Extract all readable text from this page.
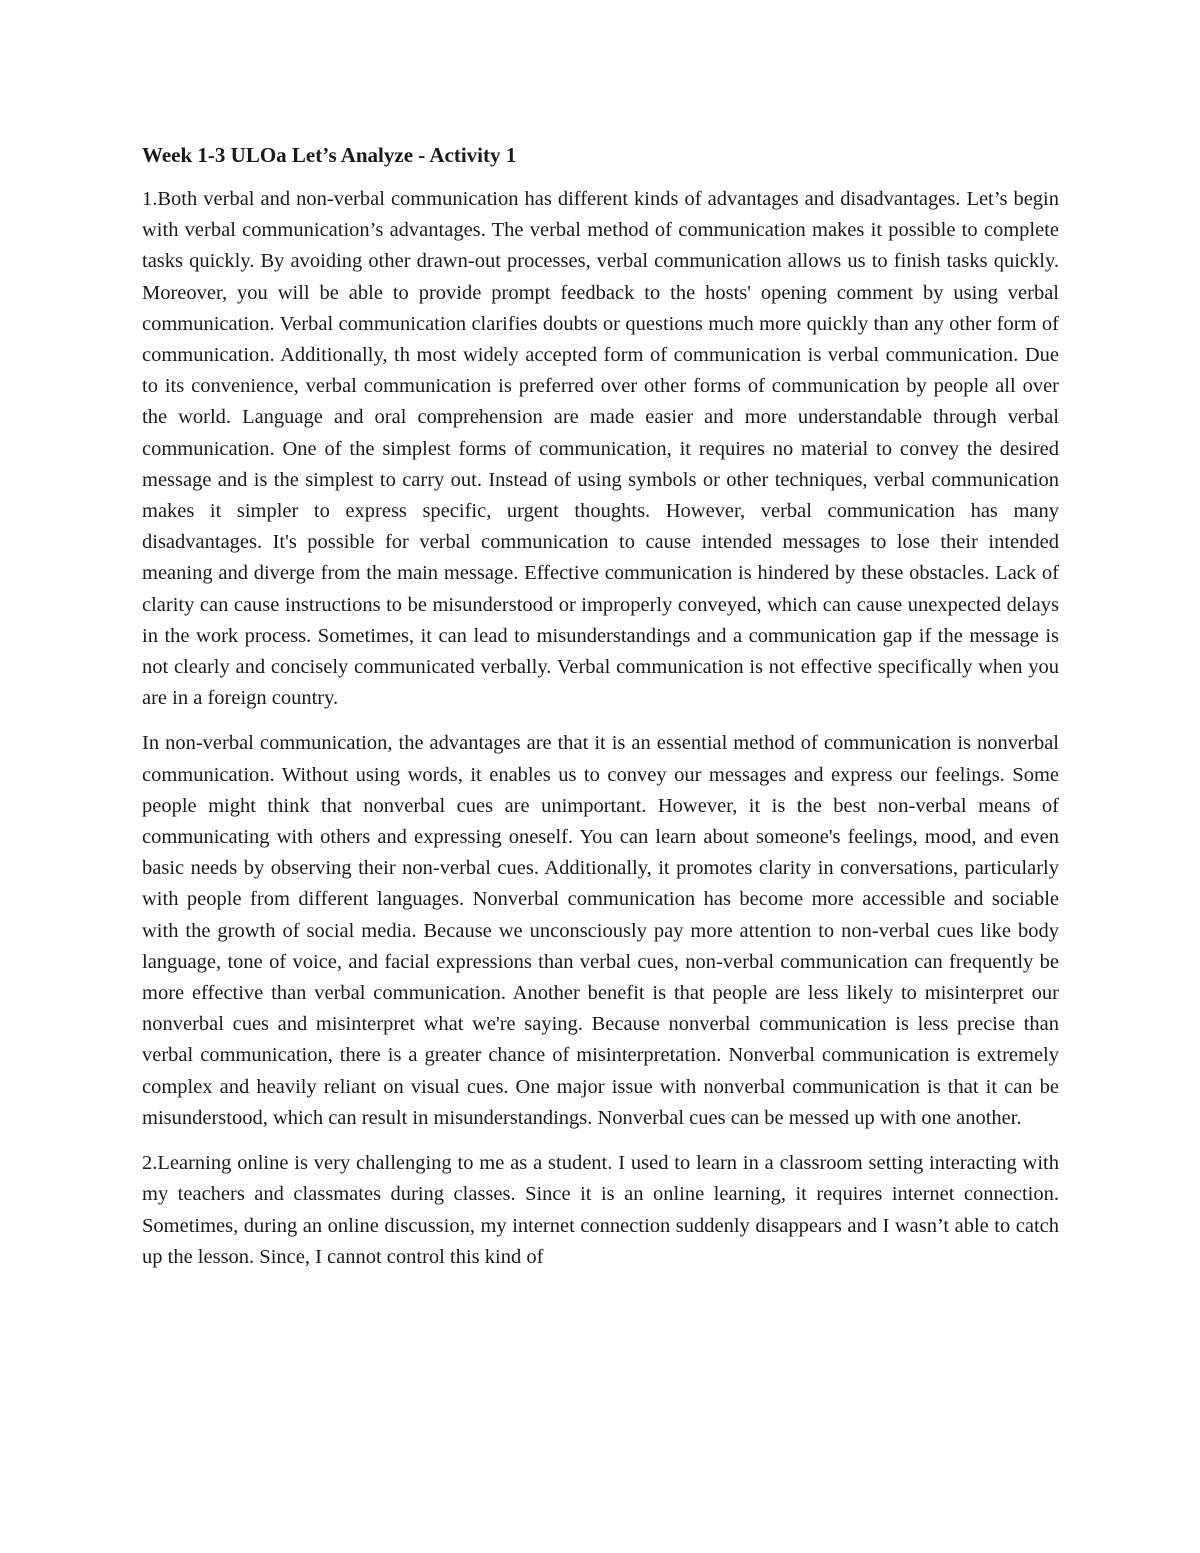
Week 1-3 ULOa Let’s Analyze - Activity 1

1.Both verbal and non-verbal communication has different kinds of advantages and disadvantages. Let’s begin with verbal communication’s advantages. The verbal method of communication makes it possible to complete tasks quickly. By avoiding other drawn-out processes, verbal communication allows us to finish tasks quickly. Moreover, you will be able to provide prompt feedback to the hosts' opening comment by using verbal communication. Verbal communication clarifies doubts or questions much more quickly than any other form of communication. Additionally, th most widely accepted form of communication is verbal communication. Due to its convenience, verbal communication is preferred over other forms of communication by people all over the world. Language and oral comprehension are made easier and more understandable through verbal communication. One of the simplest forms of communication, it requires no material to convey the desired message and is the simplest to carry out. Instead of using symbols or other techniques, verbal communication makes it simpler to express specific, urgent thoughts. However, verbal communication has many disadvantages. It's possible for verbal communication to cause intended messages to lose their intended meaning and diverge from the main message. Effective communication is hindered by these obstacles. Lack of clarity can cause instructions to be misunderstood or improperly conveyed, which can cause unexpected delays in the work process. Sometimes, it can lead to misunderstandings and a communication gap if the message is not clearly and concisely communicated verbally. Verbal communication is not effective specifically when you are in a foreign country.

In non-verbal communication, the advantages are that it is an essential method of communication is nonverbal communication. Without using words, it enables us to convey our messages and express our feelings. Some people might think that nonverbal cues are unimportant. However, it is the best non-verbal means of communicating with others and expressing oneself. You can learn about someone's feelings, mood, and even basic needs by observing their non-verbal cues. Additionally, it promotes clarity in conversations, particularly with people from different languages. Nonverbal communication has become more accessible and sociable with the growth of social media. Because we unconsciously pay more attention to non-verbal cues like body language, tone of voice, and facial expressions than verbal cues, non-verbal communication can frequently be more effective than verbal communication. Another benefit is that people are less likely to misinterpret our nonverbal cues and misinterpret what we're saying. Because nonverbal communication is less precise than verbal communication, there is a greater chance of misinterpretation. Nonverbal communication is extremely complex and heavily reliant on visual cues. One major issue with nonverbal communication is that it can be misunderstood, which can result in misunderstandings. Nonverbal cues can be messed up with one another.

2.Learning online is very challenging to me as a student. I used to learn in a classroom setting interacting with my teachers and classmates during classes. Since it is an online learning, it requires internet connection. Sometimes, during an online discussion, my internet connection suddenly disappears and I wasn’t able to catch up the lesson. Since, I cannot control this kind of
